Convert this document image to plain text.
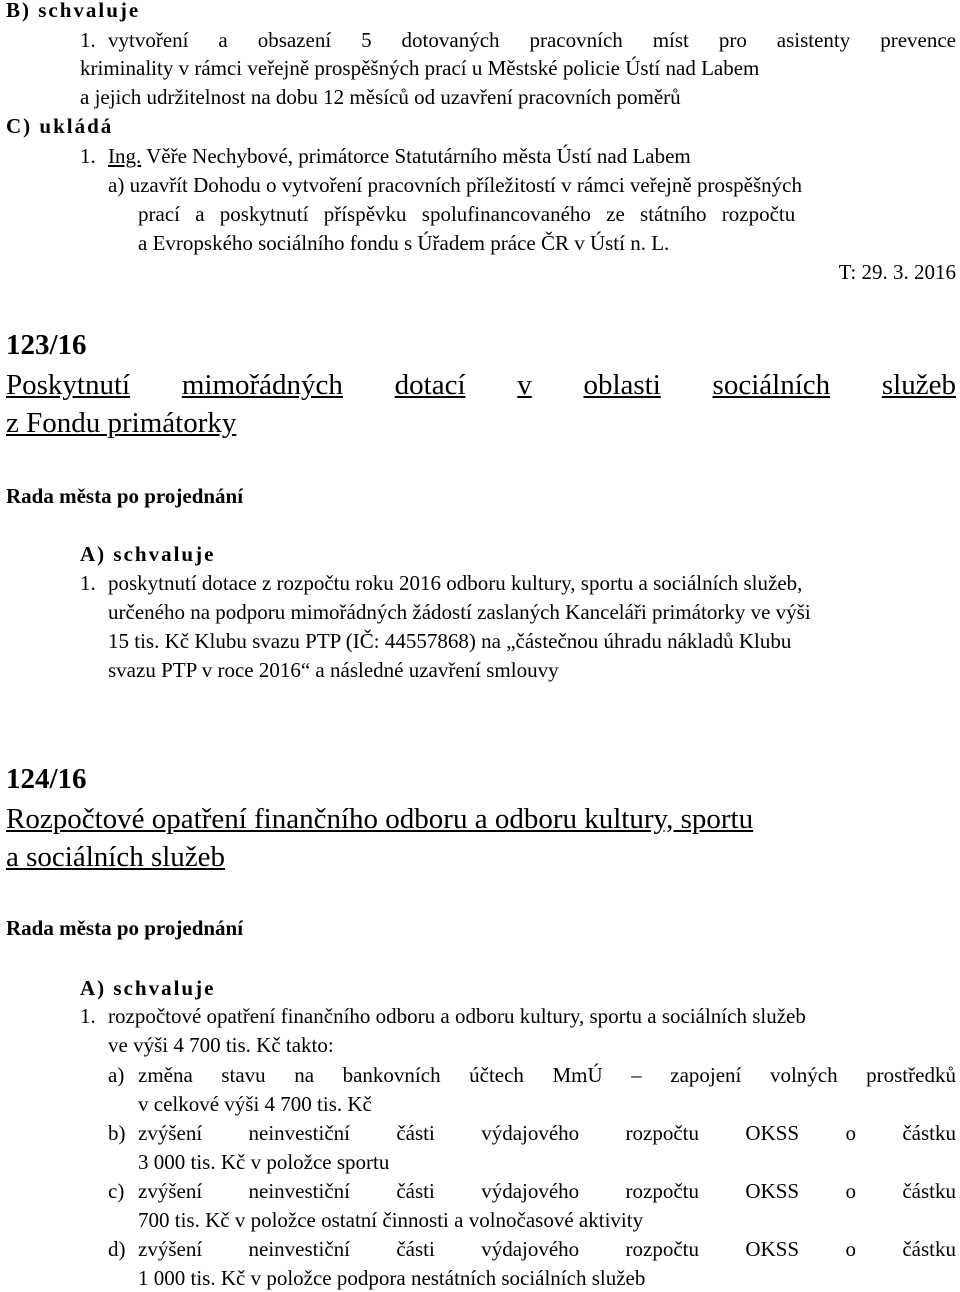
B) schvaluje
1. vytvoření a obsazení 5 dotovaných pracovních míst pro asistenty prevence
kriminality v rámci veřejně prospěšných prací u Městské policie Ústí nad Labem
a jejich udržitelnost na dobu 12 měsíců od uzavření pracovních poměrů
C) ukládá
1. Ing. Věře Nechybové, primátorce Statutárního města Ústí nad Labem
a) uzavřít Dohodu o vytvoření pracovních příležitostí v rámci veřejně prospěšných
prací a poskytnutí příspěvku spolufinancovaného ze státního rozpočtu
a Evropského sociálního fondu s Úřadem práce ČR v Ústí n. L.
T: 29. 3. 2016
123/16
Poskytnutí mimořádných dotací v oblasti sociálních služeb
z Fondu primátorky
Rada města po projednání
A) schvaluje
1. poskytnutí dotace z rozpočtu roku 2016 odboru kultury, sportu a sociálních služeb,
určeného na podporu mimořádných žádostí zaslaných Kanceláři primátorky ve výši
15 tis. Kč Klubu svazu PTP (IČ: 44557868) na „částečnou úhradu nákladů Klubu
svazu PTP v roce 2016“ a následné uzavření smlouvy
124/16
Rozpočtové opatření finančního odboru a odboru kultury, sportu
a sociálních služeb
Rada města po projednání
A) schvaluje
1. rozpočtové opatření finančního odboru a odboru kultury, sportu a sociálních služeb
ve výši 4 700 tis. Kč takto:
a) změna stavu na bankovních účtech MmÚ – zapojení volných prostředků
v celkové výši 4 700 tis. Kč
b) zvýšení neinvestiční části výdajového rozpočtu OKSS o částku
3 000 tis. Kč v položce sportu
c) zvýšení neinvestiční části výdajového rozpočtu OKSS o částku
700 tis. Kč v položce ostatní činnosti a volnočasové aktivity
d) zvýšení neinvestiční části výdajového rozpočtu OKSS o částku
1 000 tis. Kč v položce podpora nestátních sociálních služeb
